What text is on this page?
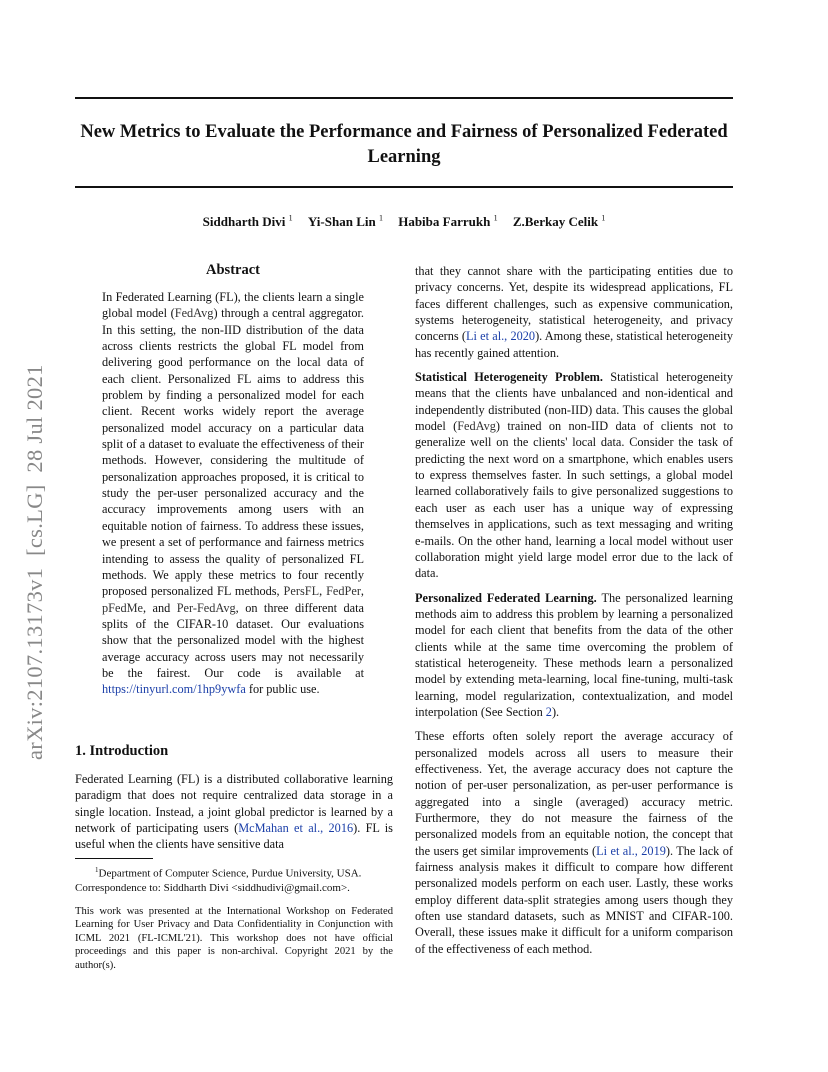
New Metrics to Evaluate the Performance and Fairness of Personalized Federated Learning
Siddharth Divi $^1$ Yi-Shan Lin $^1$ Habiba Farrukh $^1$ Z.Berkay Celik $^1$
arXiv:2107.13173v1  [cs.LG]  28 Jul 2021
Abstract

In Federated Learning (FL), the clients learn a single global model (FedAvg) through a central aggregator. In this setting, the non-IID distribution of the data across clients restricts the global FL model from delivering good performance on the local data of each client. Personalized FL aims to address this problem by finding a personalized model for each client. Recent works widely report the average personalized model accuracy on a particular data split of a dataset to evaluate the effectiveness of their methods. However, considering the multitude of personalization approaches proposed, it is critical to study the per-user personalized accuracy and the accuracy improvements among users with an equitable notion of fairness. To address these issues, we present a set of performance and fairness metrics intending to assess the quality of personalized FL methods. We apply these metrics to four recently proposed personalized FL methods, PersFL, FedPer, pFedMe, and Per-FedAvg, on three different data splits of the CIFAR-10 dataset. Our evaluations show that the personalized model with the highest average accuracy across users may not necessarily be the fairest. Our code is available at https://tinyurl.com/1hp9ywfa for public use.

1. Introduction

Federated Learning (FL) is a distributed collaborative learning paradigm that does not require centralized data storage in a single location. Instead, a joint global predictor is learned by a network of participating users (McMahan et al., 2016). FL is useful when the clients have sensitive data

$^1$Department of Computer Science, Purdue University, USA.
Correspondence to: Siddharth Divi <siddhudivi@gmail.com>.
This work was presented at the International Workshop on Federated Learning for User Privacy and Data Confidentiality in Conjunction with ICML 2021 (FL-ICML'21). This workshop does not have official proceedings and this paper is non-archival. Copyright 2021 by the author(s).

that they cannot share with the participating entities due to privacy concerns. Yet, despite its widespread applications, FL faces different challenges, such as expensive communication, systems heterogeneity, statistical heterogeneity, and privacy concerns (Li et al., 2020). Among these, statistical heterogeneity has recently gained attention.

Statistical Heterogeneity Problem. Statistical heterogeneity means that the clients have unbalanced and non-identical and independently distributed (non-IID) data. This causes the global model (FedAvg) trained on non-IID data of clients not to generalize well on the clients' local data. Consider the task of predicting the next word on a smartphone, which enables users to express themselves faster. In such settings, a global model learned collaboratively fails to give personalized suggestions to each user as each user has a unique way of expressing themselves in applications, such as text messaging and writing e-mails. On the other hand, learning a local model without user collaboration might yield large model error due to the lack of data.

Personalized Federated Learning. The personalized learning methods aim to address this problem by learning a personalized model for each client that benefits from the data of the other clients while at the same time overcoming the problem of statistical heterogeneity. These methods learn a personalized model by extending meta-learning, local fine-tuning, multi-task learning, model regularization, contextualization, and model interpolation (See Section 2).

These efforts often solely report the average accuracy of personalized models across all users to measure their effectiveness. Yet, the average accuracy does not capture the notion of per-user personalization, as per-user performance is aggregated into a single (averaged) accuracy metric. Furthermore, they do not measure the fairness of the personalized models from an equitable notion, the concept that the users get similar improvements (Li et al., 2019). The lack of fairness analysis makes it difficult to compare how different personalized models perform on each user. Lastly, these works employ different data-split strategies among users though they often use standard datasets, such as MNIST and CIFAR-100. Overall, these issues make it difficult for a uniform comparison of the effectiveness of each method.
